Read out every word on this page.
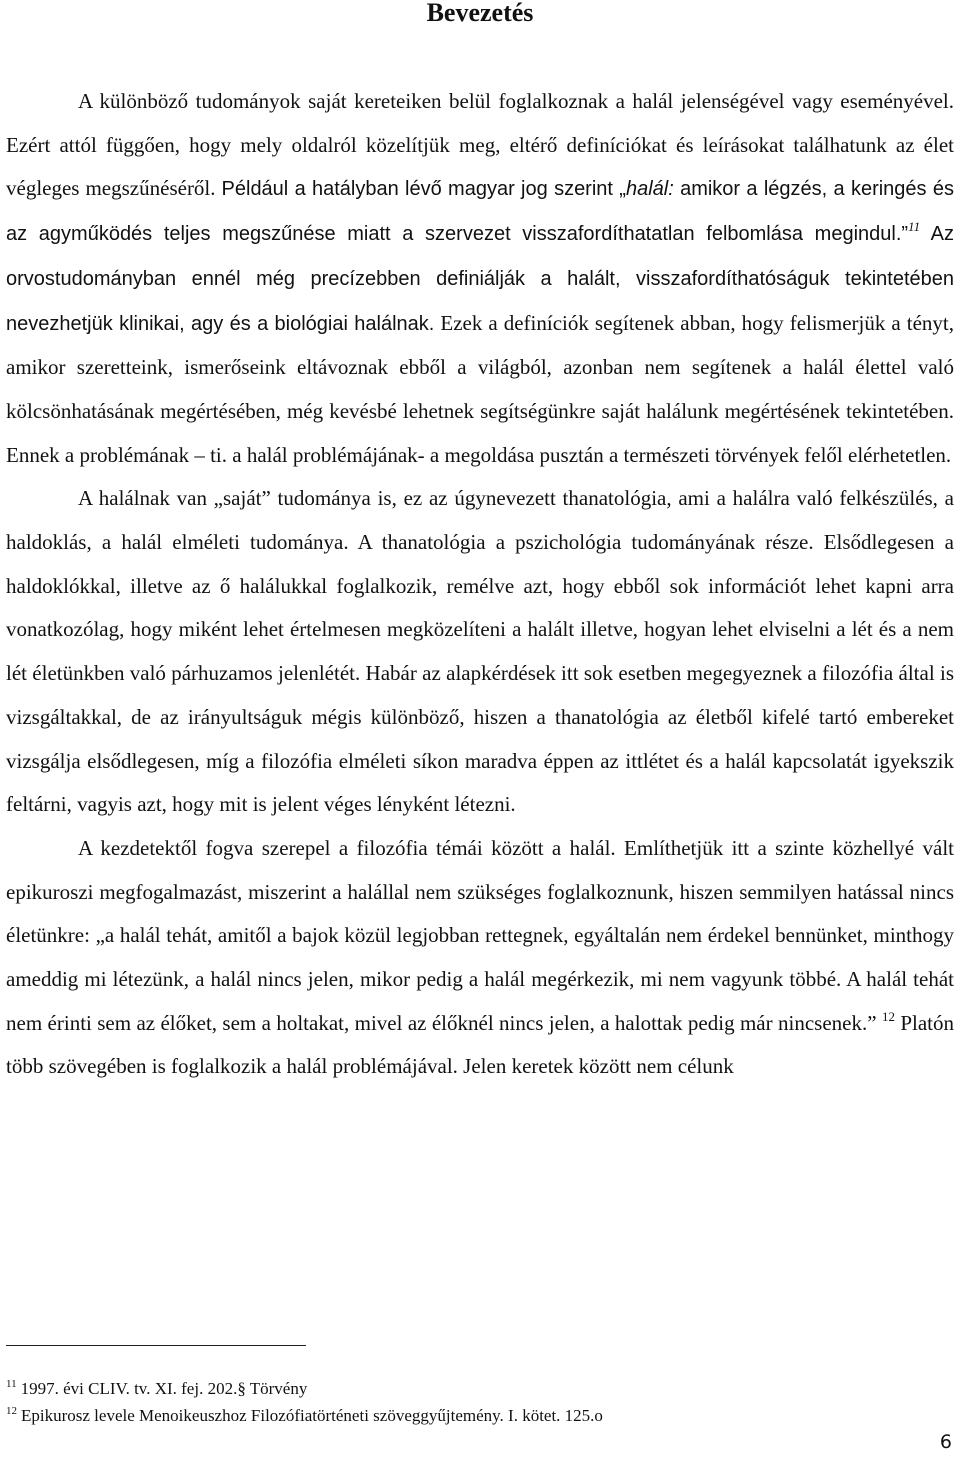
Bevezetés

A különböző tudományok saját kereteiken belül foglalkoznak a halál jelenségével vagy eseményével. Ezért attól függően, hogy mely oldalról közelítjük meg, eltérő definíciókat és leírásokat találhatunk az élet végleges megszűnéséről. Például a hatályban lévő magyar jog szerint „halál: amikor a légzés, a keringés és az agyműködés teljes megszűnése miatt a szervezet visszafordíthatatlan felbomlása megindul.”$^{11}$ Az orvostudományban ennél még precízebben definiálják a halált, visszafordíthatóságuk tekintetében nevezhetjük klinikai, agy és a biológiai halálnak. Ezek a definíciók segítenek abban, hogy felismerjük a tényt, amikor szeretteink, ismerőseink eltávoznak ebből a világból, azonban nem segítenek a halál élettel való kölcsönhatásának megértésében, még kevésbé lehetnek segítségünkre saját halálunk megértésének tekintetében. Ennek a problémának – ti. a halál problémájának- a megoldása pusztán a természeti törvények felől elérhetetlen.

A halálnak van „saját” tudománya is, ez az úgynevezett thanatológia, ami a halálra való felkészülés, a haldoklás, a halál elméleti tudománya. A thanatológia a pszichológia tudományának része. Elsődlegesen a haldoklókkal, illetve az ő halálukkal foglalkozik, remélve azt, hogy ebből sok információt lehet kapni arra vonatkozólag, hogy miként lehet értelmesen megközelíteni a halált illetve, hogyan lehet elviselni a lét és a nem lét életünkben való párhuzamos jelenlétét. Habár az alapkérdések itt sok esetben megegyeznek a filozófia által is vizsgáltakkal, de az irányultságuk mégis különböző, hiszen a thanatológia az életből kifelé tartó embereket vizsgálja elsődlegesen, míg a filozófia elméleti síkon maradva éppen az ittlétet és a halál kapcsolatát igyekszik feltárni, vagyis azt, hogy mit is jelent véges lényként létezni.

A kezdetektől fogva szerepel a filozófia témái között a halál. Említhetjük itt a szinte közhellyé vált epikuroszi megfogalmazást, miszerint a halállal nem szükséges foglalkoznunk, hiszen semmilyen hatással nincs életünkre: „a halál tehát, amitől a bajok közül legjobban rettegnek, egyáltalán nem érdekel bennünket, minthogy ameddig mi létezünk, a halál nincs jelen, mikor pedig a halál megérkezik, mi nem vagyunk többé. A halál tehát nem érinti sem az élőket, sem a holtakat, mivel az élőknél nincs jelen, a halottak pedig már nincsenek.” $^{12}$ Platón több szövegében is foglalkozik a halál problémájával. Jelen keretek között nem célunk

$^{11}$ 1997. évi CLIV. tv. XI. fej. 202.§ Törvény

$^{12}$ Epikurosz levele Menoikeuszhoz Filozófiatörténeti szöveggyűjtemény. I. kötet. 125.o

6
